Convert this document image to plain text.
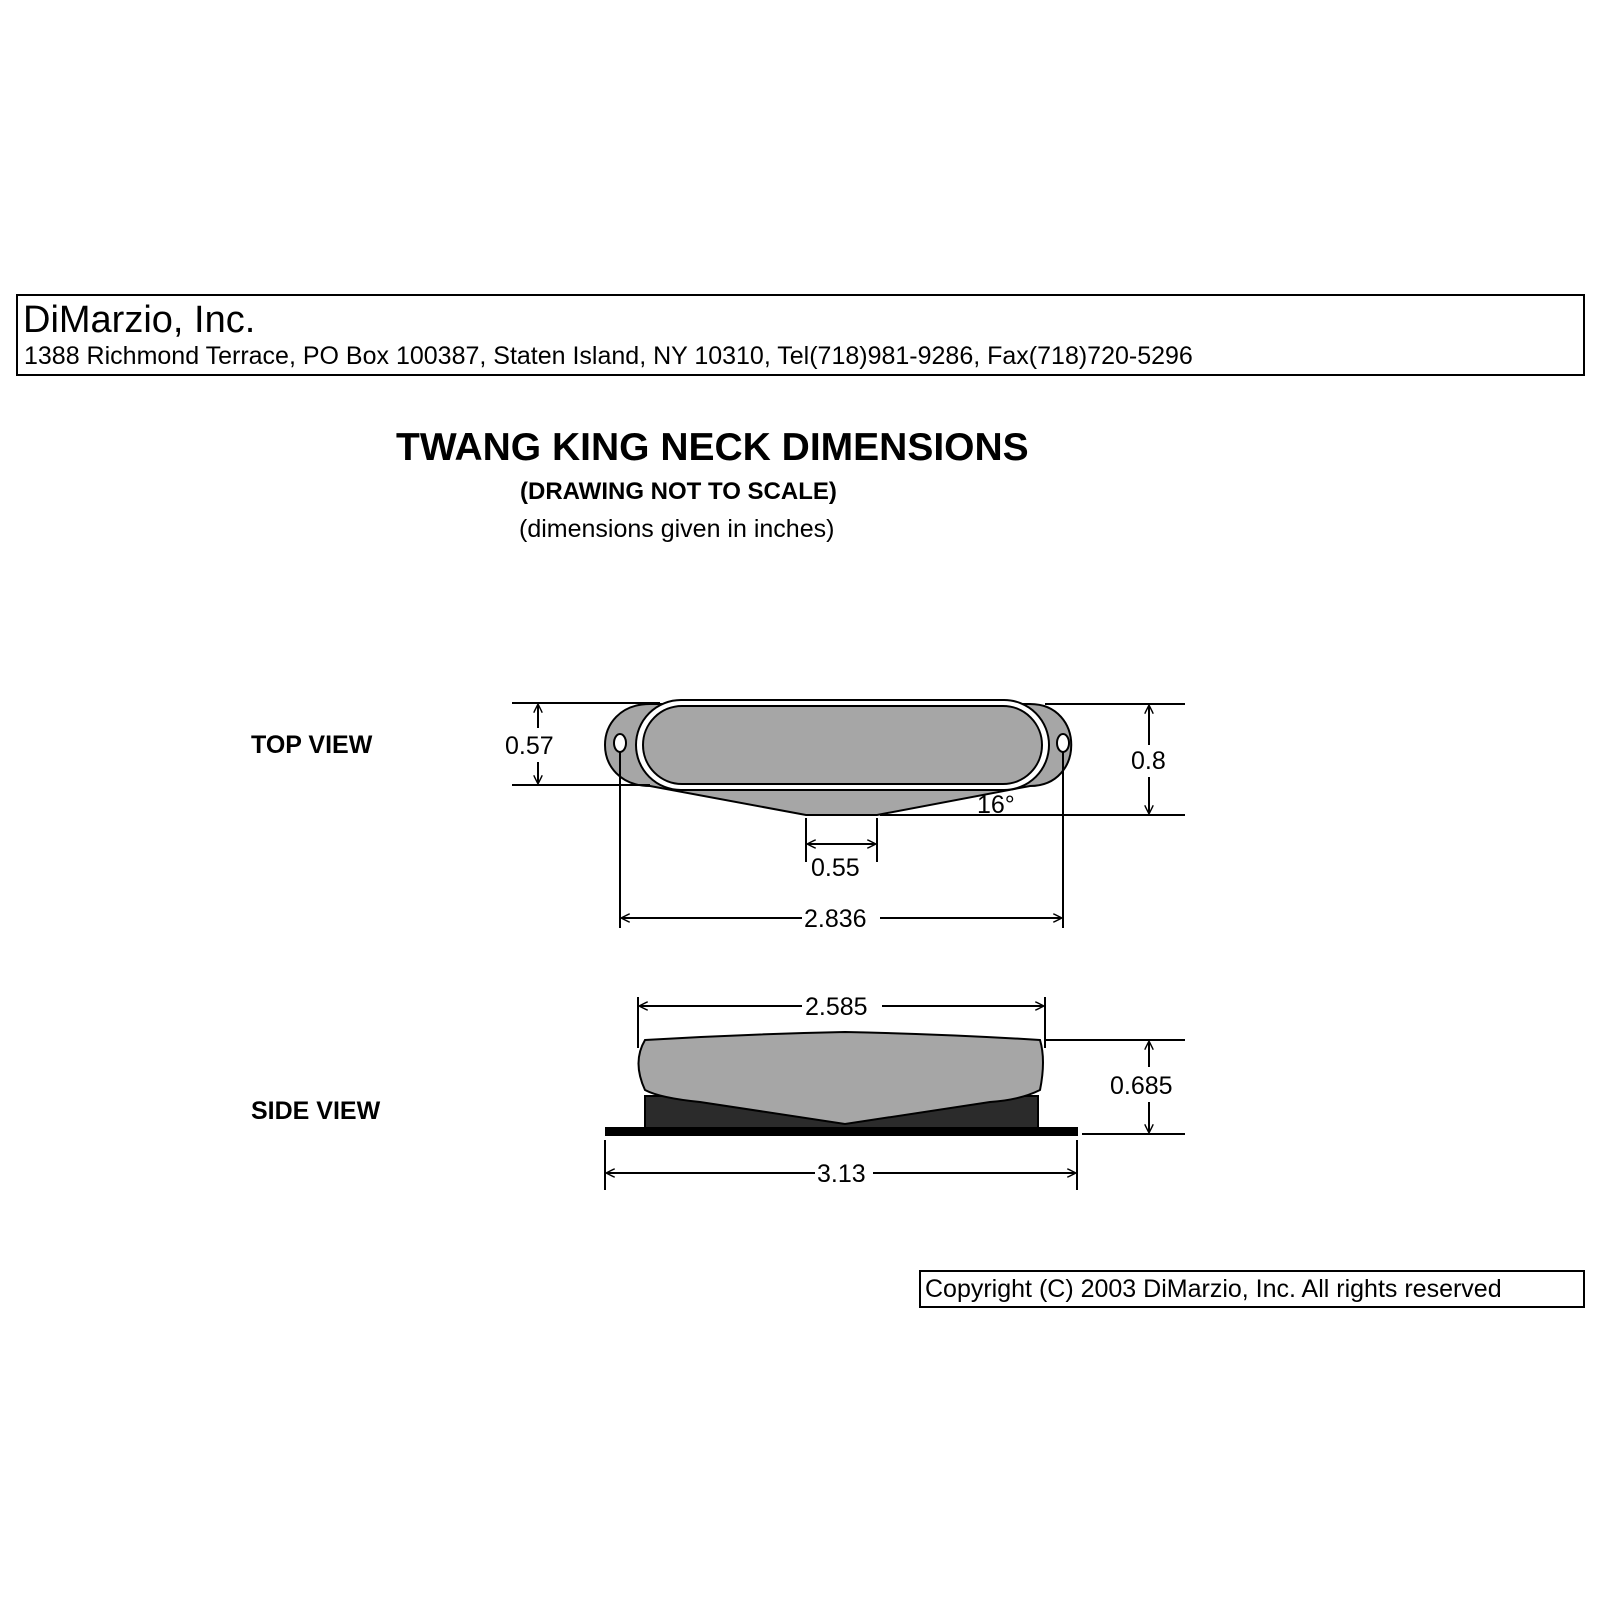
DiMarzio, Inc.
1388 Richmond Terrace, PO Box 100387, Staten Island, NY 10310, Tel(718)981-9286, Fax(718)720-5296
TWANG KING NECK DIMENSIONS
(DRAWING NOT TO SCALE)
(dimensions given in inches)
TOP VIEW
SIDE VIEW
0.57
0.8
16°
0.55
2.836
2.585
0.685
3.13
Copyright (C) 2003 DiMarzio, Inc. All rights reserved
